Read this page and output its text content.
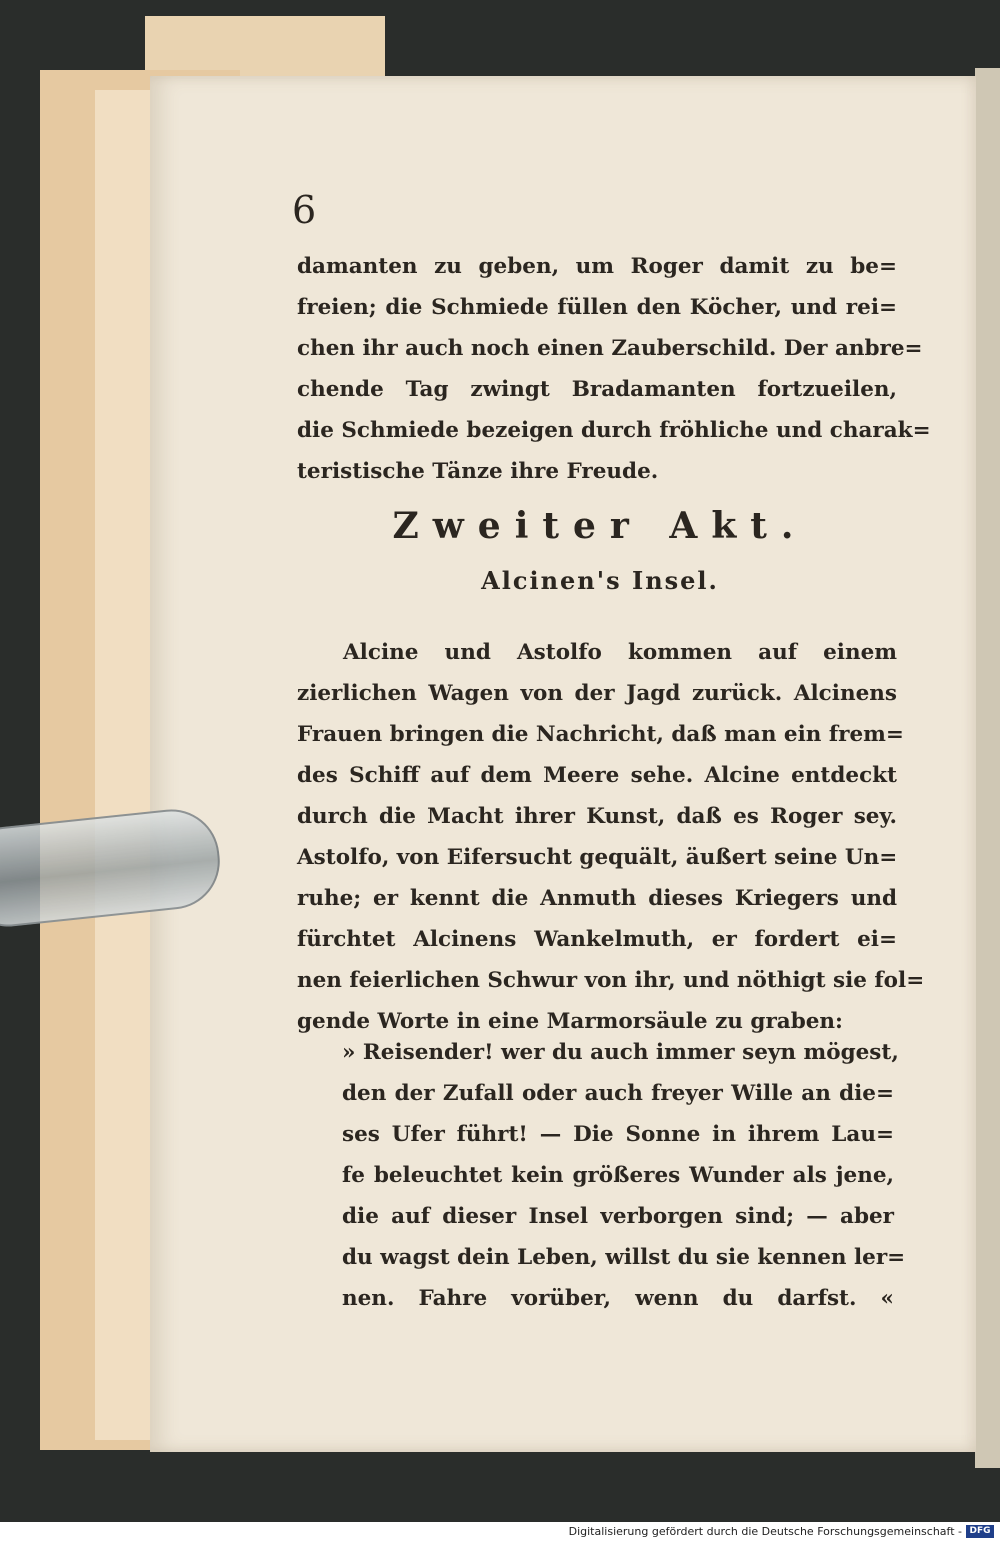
6
damanten zu geben, um Roger damit zu be=
freien; die Schmiede füllen den Köcher, und rei=
chen ihr auch noch einen Zauberschild. Der anbre=
chende Tag zwingt Bradamanten fortzueilen,
die Schmiede bezeigen durch fröhliche und charak=
teristische Tänze ihre Freude.
Zweiter Akt.
Alcinen's Insel.
Alcine und Astolfo kommen auf einem
zierlichen Wagen von der Jagd zurück. Alcinens
Frauen bringen die Nachricht, daß man ein frem=
des Schiff auf dem Meere sehe. Alcine entdeckt
durch die Macht ihrer Kunst, daß es Roger sey.
Astolfo, von Eifersucht gequält, äußert seine Un=
ruhe; er kennt die Anmuth dieses Kriegers und
fürchtet Alcinens Wankelmuth, er fordert ei=
nen feierlichen Schwur von ihr, und nöthigt sie fol=
gende Worte in eine Marmorsäule zu graben:
» Reisender! wer du auch immer seyn mögest,
den der Zufall oder auch freyer Wille an die=
ses Ufer führt! — Die Sonne in ihrem Lau=
fe beleuchtet kein größeres Wunder als jene,
die auf dieser Insel verborgen sind; — aber
du wagst dein Leben, willst du sie kennen ler=
nen. Fahre vorüber, wenn du darfst. «
Digitalisierung gefördert durch die Deutsche Forschungsgemeinschaft - DFG
